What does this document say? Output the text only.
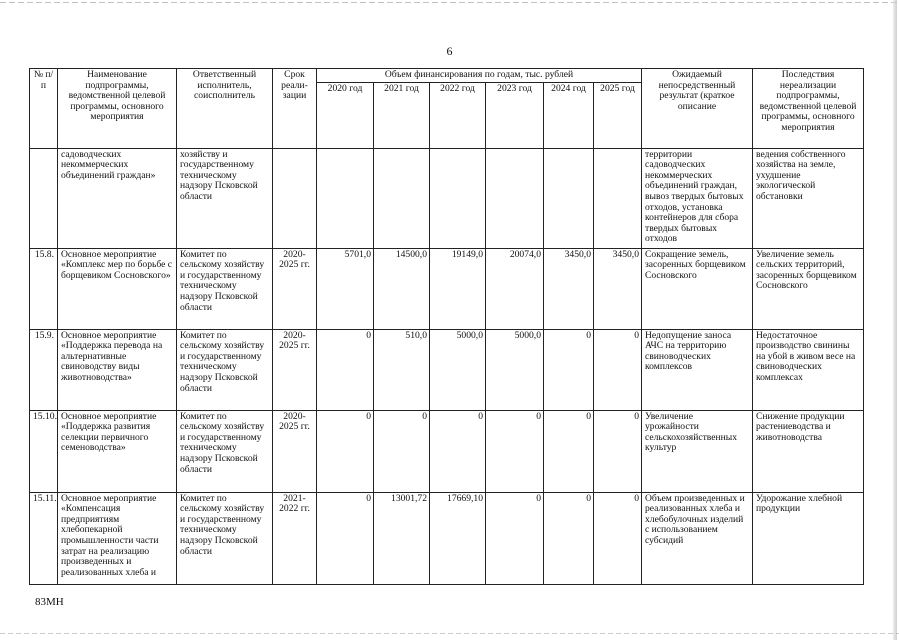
6
№ п/п	Наименование подпрограммы, ведомственной целевой программы, основного мероприятия	Ответственный исполнитель, соисполнитель	Срок реали-зации	Объем финансирования по годам, тыс. рублей						Ожидаемый непосредственный результат (краткое описание	Последствия нереализации подпрограммы, ведомственной целевой программы, основного мероприятия
				2020 год	2021 год	2022 год	2023 год	2024 год	2025 год		
	садоводческих некоммерческих объединений граждан»	хозяйству и государственному техническому надзору Псковской области								территории садоводческих некоммерческих объединений граждан, вывоз твердых бытовых отходов, установка контейнеров для сбора твердых бытовых отходов	ведения собственного хозяйства на земле, ухудшение экологической обстановки
15.8.	Основное мероприятие «Комплекс мер по борьбе с борщевиком Сосновского»	Комитет по сельскому хозяйству и государственному техническому надзору Псковской области	2020-2025 гг.	5701,0	14500,0	19149,0	20074,0	3450,0	3450,0	Сокращение земель, засоренных борщевиком Сосновского	Увеличение земель сельских территорий, засоренных борщевиком Сосновского
15.9.	Основное мероприятие «Поддержка перевода на альтернативные свиноводству виды животноводства»	Комитет по сельскому хозяйству и государственному техническому надзору Псковской области	2020-2025 гг.	0	510,0	5000,0	5000,0	0	0	Недопущение заноса АЧС на территорию свиноводческих комплексов	Недостаточное производство свинины на убой в живом весе на свиноводческих комплексах
15.10.	Основное мероприятие «Поддержка развития селекции первичного семеноводства»	Комитет по сельскому хозяйству и государственному техническому надзору Псковской области	2020-2025 гг.	0	0	0	0	0	0	Увеличение урожайности сельскохозяйственных культур	Снижение продукции растениеводства и животноводства
15.11.	Основное мероприятие «Компенсация предприятиям хлебопекарной промышленности части затрат на реализацию произведенных и реализованных хлеба и	Комитет по сельскому хозяйству и государственному техническому надзору Псковской области	2021-2022 гг.	0	13001,72	17669,10	0	0	0	Объем произведенных и реализованных хлеба и хлебобулочных изделий с использованием субсидий	Удорожание хлебной продукции
83МН
